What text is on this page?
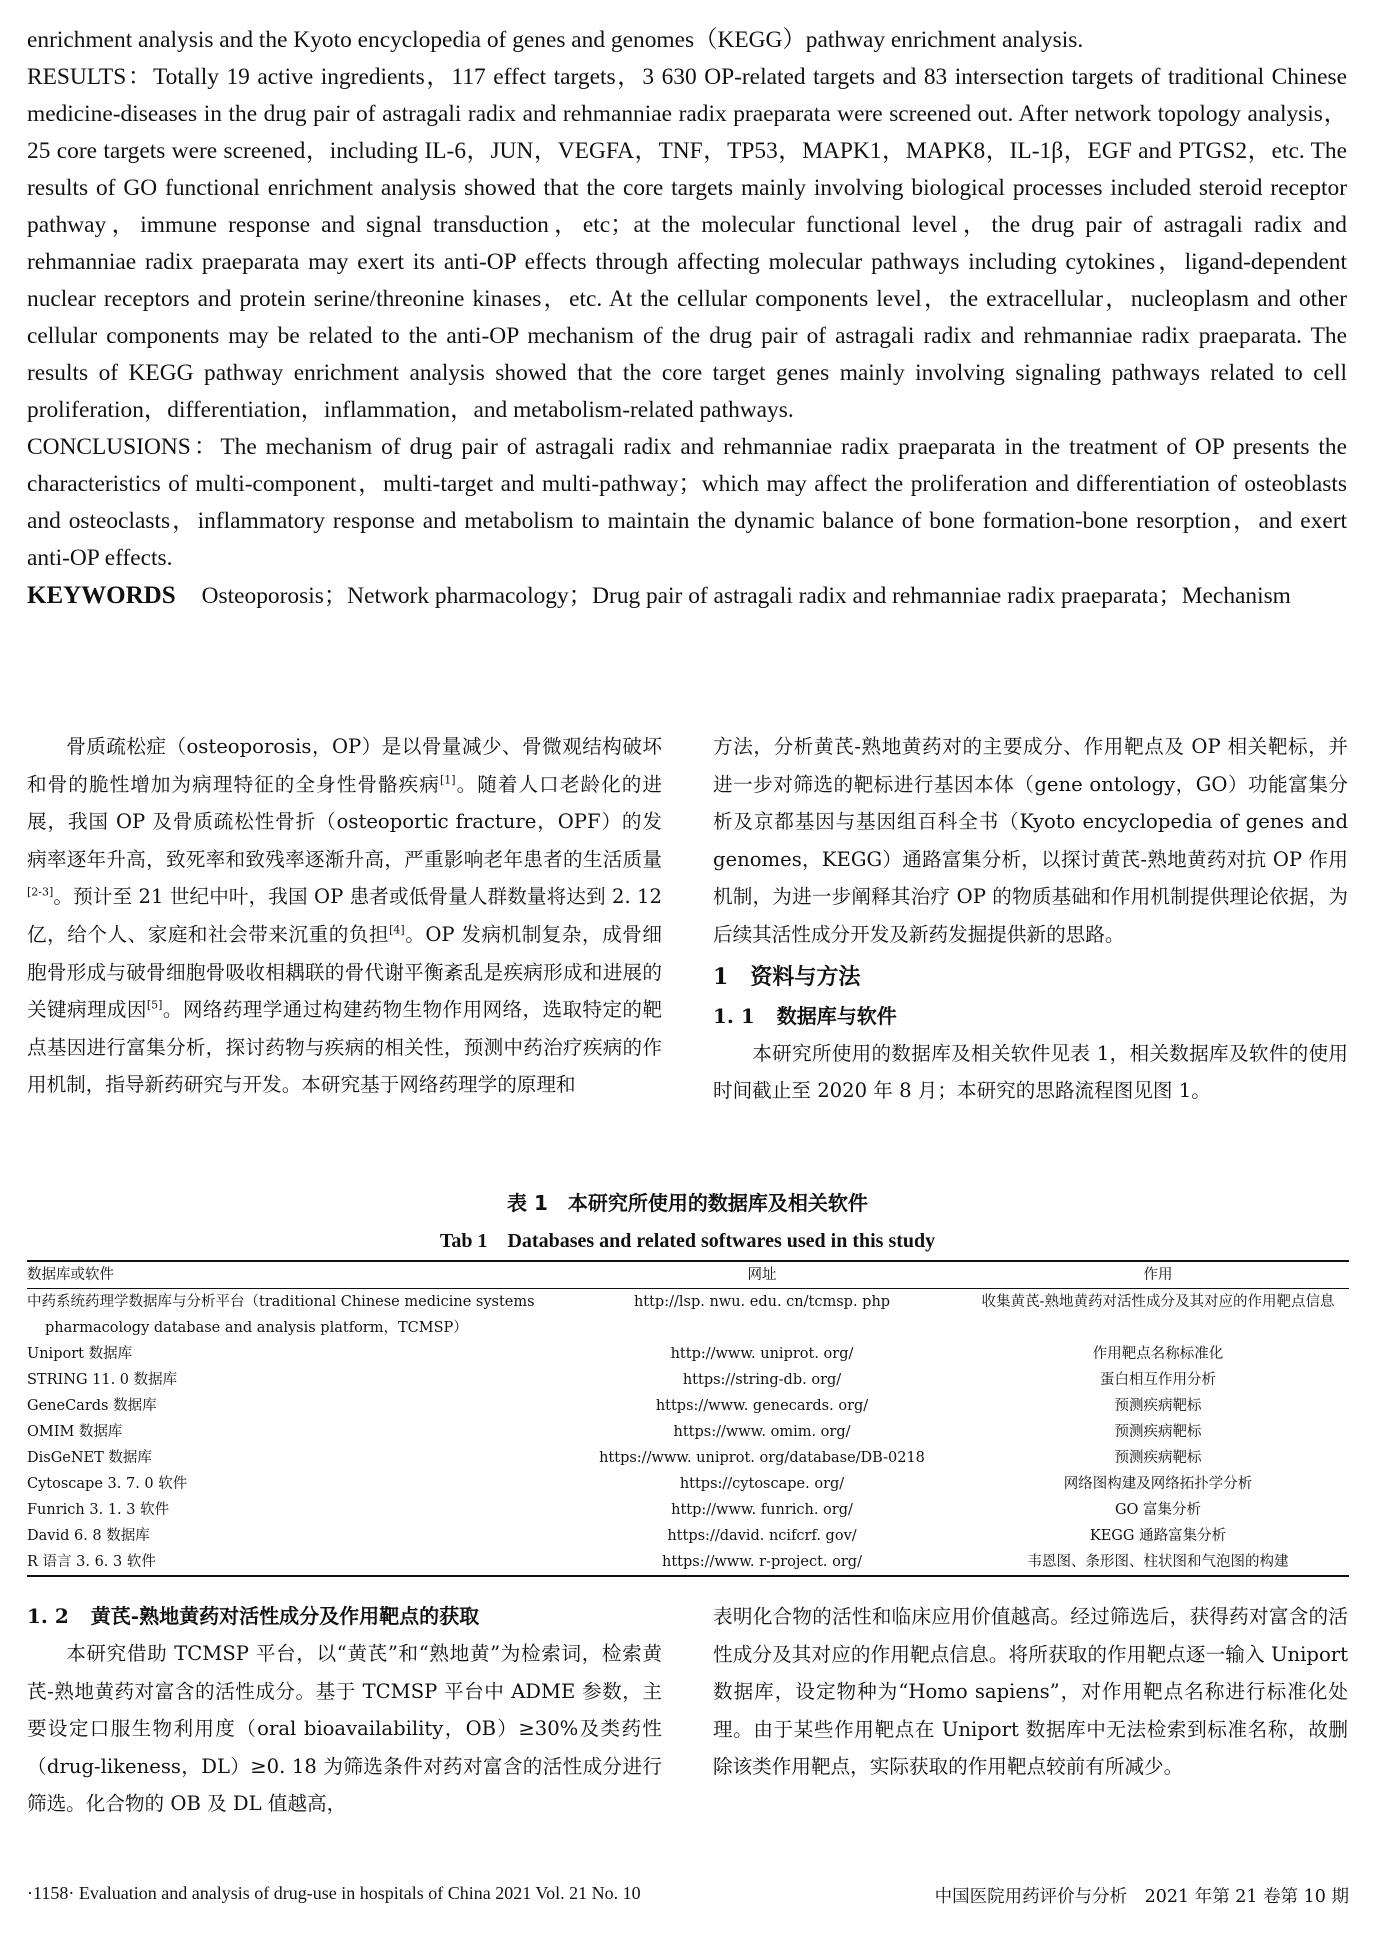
enrichment analysis and the Kyoto encyclopedia of genes and genomes（KEGG）pathway enrichment analysis.

RESULTS：Totally 19 active ingredients，117 effect targets，3 630 OP-related targets and 83 intersection targets of traditional Chinese medicine-diseases in the drug pair of astragali radix and rehmanniae radix praeparata were screened out. After network topology analysis，25 core targets were screened，including IL-6，JUN，VEGFA，TNF，TP53，MAPK1，MAPK8，IL-1β，EGF and PTGS2，etc. The results of GO functional enrichment analysis showed that the core targets mainly involving biological processes included steroid receptor pathway，immune response and signal transduction，etc；at the molecular functional level，the drug pair of astragali radix and rehmanniae radix praeparata may exert its anti-OP effects through affecting molecular pathways including cytokines，ligand-dependent nuclear receptors and protein serine/threonine kinases，etc. At the cellular components level，the extracellular，nucleoplasm and other cellular components may be related to the anti-OP mechanism of the drug pair of astragali radix and rehmanniae radix praeparata. The results of KEGG pathway enrichment analysis showed that the core target genes mainly involving signaling pathways related to cell proliferation，differentiation，inflammation，and metabolism-related pathways.

CONCLUSIONS：The mechanism of drug pair of astragali radix and rehmanniae radix praeparata in the treatment of OP presents the characteristics of multi-component，multi-target and multi-pathway；which may affect the proliferation and differentiation of osteoblasts and osteoclasts，inflammatory response and metabolism to maintain the dynamic balance of bone formation-bone resorption，and exert anti-OP effects.

KEYWORDS Osteoporosis；Network pharmacology；Drug pair of astragali radix and rehmanniae radix praeparata；Mechanism

骨质疏松症（osteoporosis，OP）是以骨量减少、骨微观结构破坏和骨的脆性增加为病理特征的全身性骨骼疾病[1]。随着人口老龄化的进展，我国 OP 及骨质疏松性骨折（osteoportic fracture，OPF）的发病率逐年升高，致死率和致残率逐渐升高，严重影响老年患者的生活质量[2-3]。预计至 21 世纪中叶，我国 OP 患者或低骨量人群数量将达到 2. 12 亿，给个人、家庭和社会带来沉重的负担[4]。OP 发病机制复杂，成骨细胞骨形成与破骨细胞骨吸收相耦联的骨代谢平衡紊乱是疾病形成和进展的关键病理成因[5]。网络药理学通过构建药物生物作用网络，选取特定的靶点基因进行富集分析，探讨药物与疾病的相关性，预测中药治疗疾病的作用机制，指导新药研究与开发。本研究基于网络药理学的原理和

方法，分析黄芪-熟地黄药对的主要成分、作用靶点及 OP 相关靶标，并进一步对筛选的靶标进行基因本体（gene ontology，GO）功能富集分析及京都基因与基因组百科全书（Kyoto encyclopedia of genes and genomes，KEGG）通路富集分析，以探讨黄芪-熟地黄药对抗 OP 作用机制，为进一步阐释其治疗 OP 的物质基础和作用机制提供理论依据，为后续其活性成分开发及新药发掘提供新的思路。

1 资料与方法
1. 1 数据库与软件

本研究所使用的数据库及相关软件见表 1，相关数据库及软件的使用时间截止至 2020 年 8 月；本研究的思路流程图见图 1。

表 1　本研究所使用的数据库及相关软件
Tab 1　Databases and related softwares used in this study
数据库或软件	网址	作用
中药系统药理学数据库与分析平台（traditional Chinese medicine systems
pharmacology database and analysis platform，TCMSP）	http://lsp. nwu. edu. cn/tcmsp. php	收集黄芪-熟地黄药对活性成分及其对应的作用靶点信息
Uniport 数据库	http://www. uniprot. org/	作用靶点名称标准化
STRING 11. 0 数据库	https://string-db. org/	蛋白相互作用分析
GeneCards 数据库	https://www. genecards. org/	预测疾病靶标
OMIM 数据库	https://www. omim. org/	预测疾病靶标
DisGeNET 数据库	https://www. uniprot. org/database/DB-0218	预测疾病靶标
Cytoscape 3. 7. 0 软件	https://cytoscape. org/	网络图构建及网络拓扑学分析
Funrich 3. 1. 3 软件	http://www. funrich. org/	GO 富集分析
David 6. 8 数据库	https://david. ncifcrf. gov/	KEGG 通路富集分析
R 语言 3. 6. 3 软件	https://www. r-project. org/	韦恩图、条形图、柱状图和气泡图的构建
1. 2 黄芪-熟地黄药对活性成分及作用靶点的获取

本研究借助 TCMSP 平台，以“黄芪”和“熟地黄”为检索词，检索黄芪-熟地黄药对富含的活性成分。基于 TCMSP 平台中 ADME 参数，主要设定口服生物利用度（oral bioavailability，OB）≥30%及类药性（drug-likeness，DL）≥0. 18 为筛选条件对药对富含的活性成分进行筛选。化合物的 OB 及 DL 值越高，

表明化合物的活性和临床应用价值越高。经过筛选后，获得药对富含的活性成分及其对应的作用靶点信息。将所获取的作用靶点逐一输入 Uniport 数据库，设定物种为“Homo sapiens”，对作用靶点名称进行标准化处理。由于某些作用靶点在 Uniport 数据库中无法检索到标准名称，故删除该类作用靶点，实际获取的作用靶点较前有所减少。

·1158· Evaluation and analysis of drug-use in hospitals of China 2021 Vol. 21 No. 10	中国医院用药评价与分析　2021 年第 21 卷第 10 期
